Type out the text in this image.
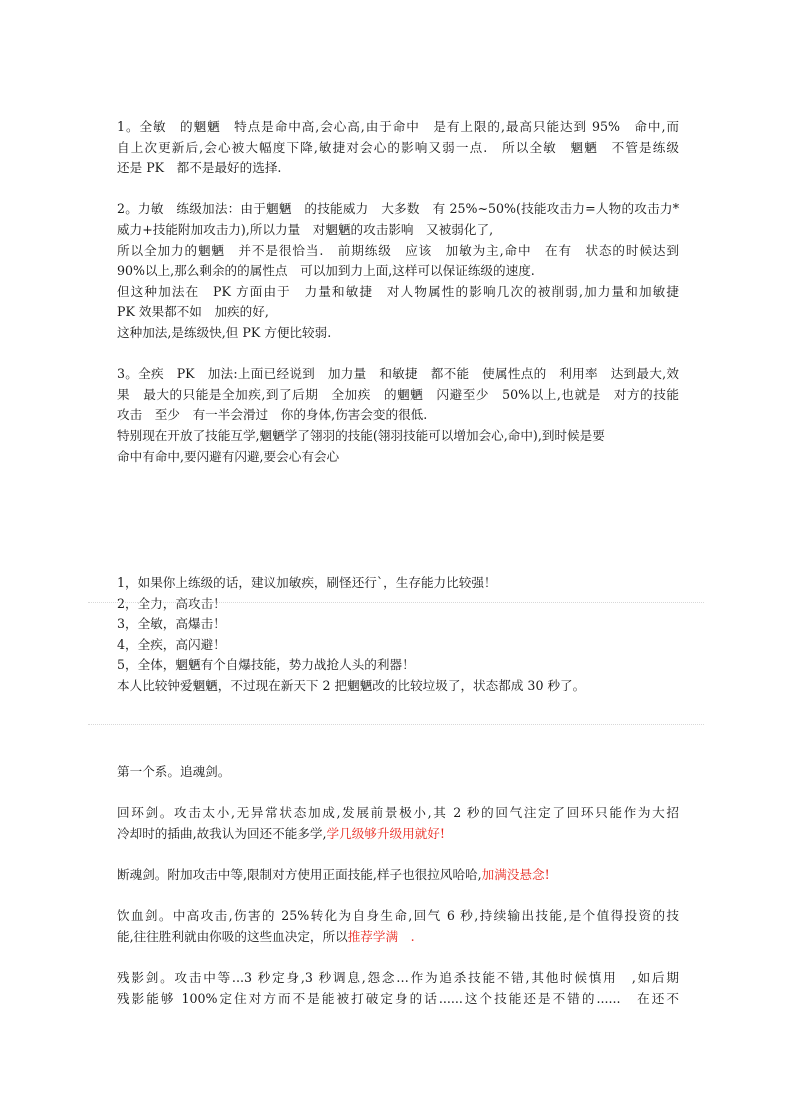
1。全敏　的魍魉　特点是命中高,会心高,由于命中　是有上限的,最高只能达到 95%　命中,而
自上次更新后,会心被大幅度下降,敏捷对会心的影响又弱一点.　所以全敏　魍魉　不管是练级
还是 PK　都不是最好的选择.
2。力敏　练级加法：由于魍魉　的技能威力　大多数　有 25%~50%(技能攻击力=人物的攻击力*
威力+技能附加攻击力),所以力量　对魍魉的攻击影响　又被弱化了,
所以全加力的魍魉　并不是很恰当.　前期练级　应该　加敏为主,命中　在有　状态的时候达到
90%以上,那么剩余的的属性点　可以加到力上面,这样可以保证练级的速度.
但这种加法在　PK 方面由于　力量和敏捷　对人物属性的影响几次的被削弱,加力量和加敏捷
PK 效果都不如　加疾的好,
这种加法,是练级快,但 PK 方便比较弱.
3。全疾　PK　加法:上面已经说到　加力量　和敏捷　都不能　使属性点的　利用率　达到最大,效
果　最大的只能是全加疾,到了后期　全加疾　的魍魉　闪避至少　50%以上,也就是　对方的技能
攻击　至少　有一半会滑过　你的身体,伤害会变的很低.
特别现在开放了技能互学,魍魉学了翎羽的技能(翎羽技能可以增加会心,命中),到时候是要
命中有命中,要闪避有闪避,要会心有会心
1，如果你上练级的话，建议加敏疾，刷怪还行`，生存能力比较强！
2，全力，高攻击！
3，全敏，高爆击！
4，全疾，高闪避！
5，全体，魍魉有个自爆技能，势力战抢人头的利器！
本人比较钟爱魍魉，不过现在新天下 2 把魍魉改的比较垃圾了，状态都成 30 秒了。
第一个系。追魂剑。
回环剑。攻击太小,无异常状态加成,发展前景极小,其 2 秒的回气注定了回环只能作为大招
冷却时的插曲,故我认为回还不能多学,学几级够升级用就好!
断魂剑。附加攻击中等,限制对方使用正面技能,样子也很拉风哈哈,加满没悬念!
饮血剑。中高攻击,伤害的 25%转化为自身生命,回气 6 秒,持续输出技能,是个值得投资的技
能,往往胜利就由你吸的这些血决定，所以推荐学满　.
残影剑。攻击中等...3 秒定身,3 秒调息,怨念…作为追杀技能不错,其他时候慎用　,如后期
残影能够 100%定住对方而不是能被打破定身的话......这个技能还是不错的......　在还不
